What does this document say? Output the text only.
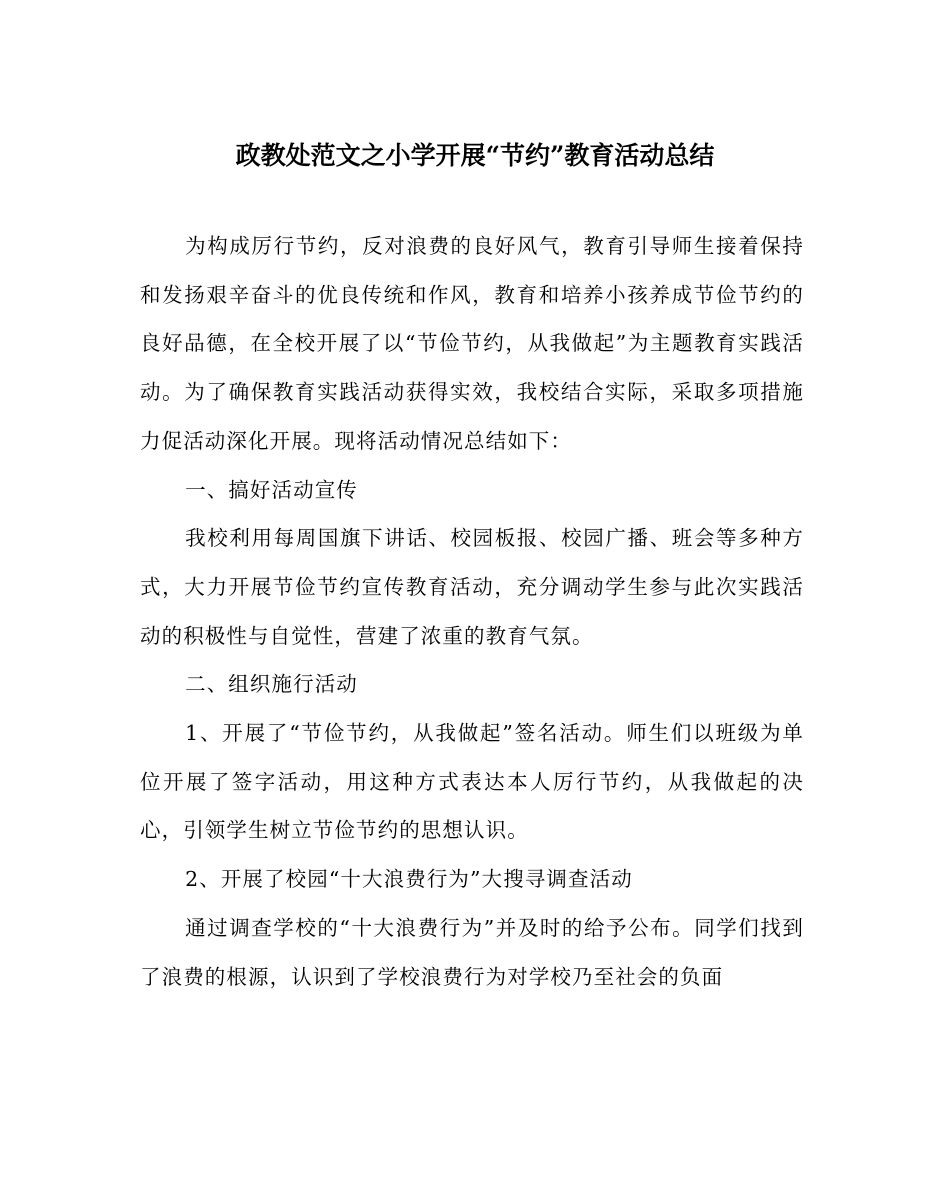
政教处范文之小学开展“节约”教育活动总结

为构成厉行节约，反对浪费的良好风气，教育引导师生接着保持和发扬艰辛奋斗的优良传统和作风，教育和培养小孩养成节俭节约的良好品德，在全校开展了以“节俭节约，从我做起”为主题教育实践活动。为了确保教育实践活动获得实效，我校结合实际，采取多项措施力促活动深化开展。现将活动情况总结如下：

一、搞好活动宣传

我校利用每周国旗下讲话、校园板报、校园广播、班会等多种方式，大力开展节俭节约宣传教育活动，充分调动学生参与此次实践活动的积极性与自觉性，营建了浓重的教育气氛。

二、组织施行活动

1、开展了“节俭节约，从我做起”签名活动。师生们以班级为单位开展了签字活动，用这种方式表达本人厉行节约，从我做起的决心，引领学生树立节俭节约的思想认识。

2、开展了校园“十大浪费行为”大搜寻调查活动

通过调查学校的“十大浪费行为”并及时的给予公布。同学们找到了浪费的根源，认识到了学校浪费行为对学校乃至社会的负面
